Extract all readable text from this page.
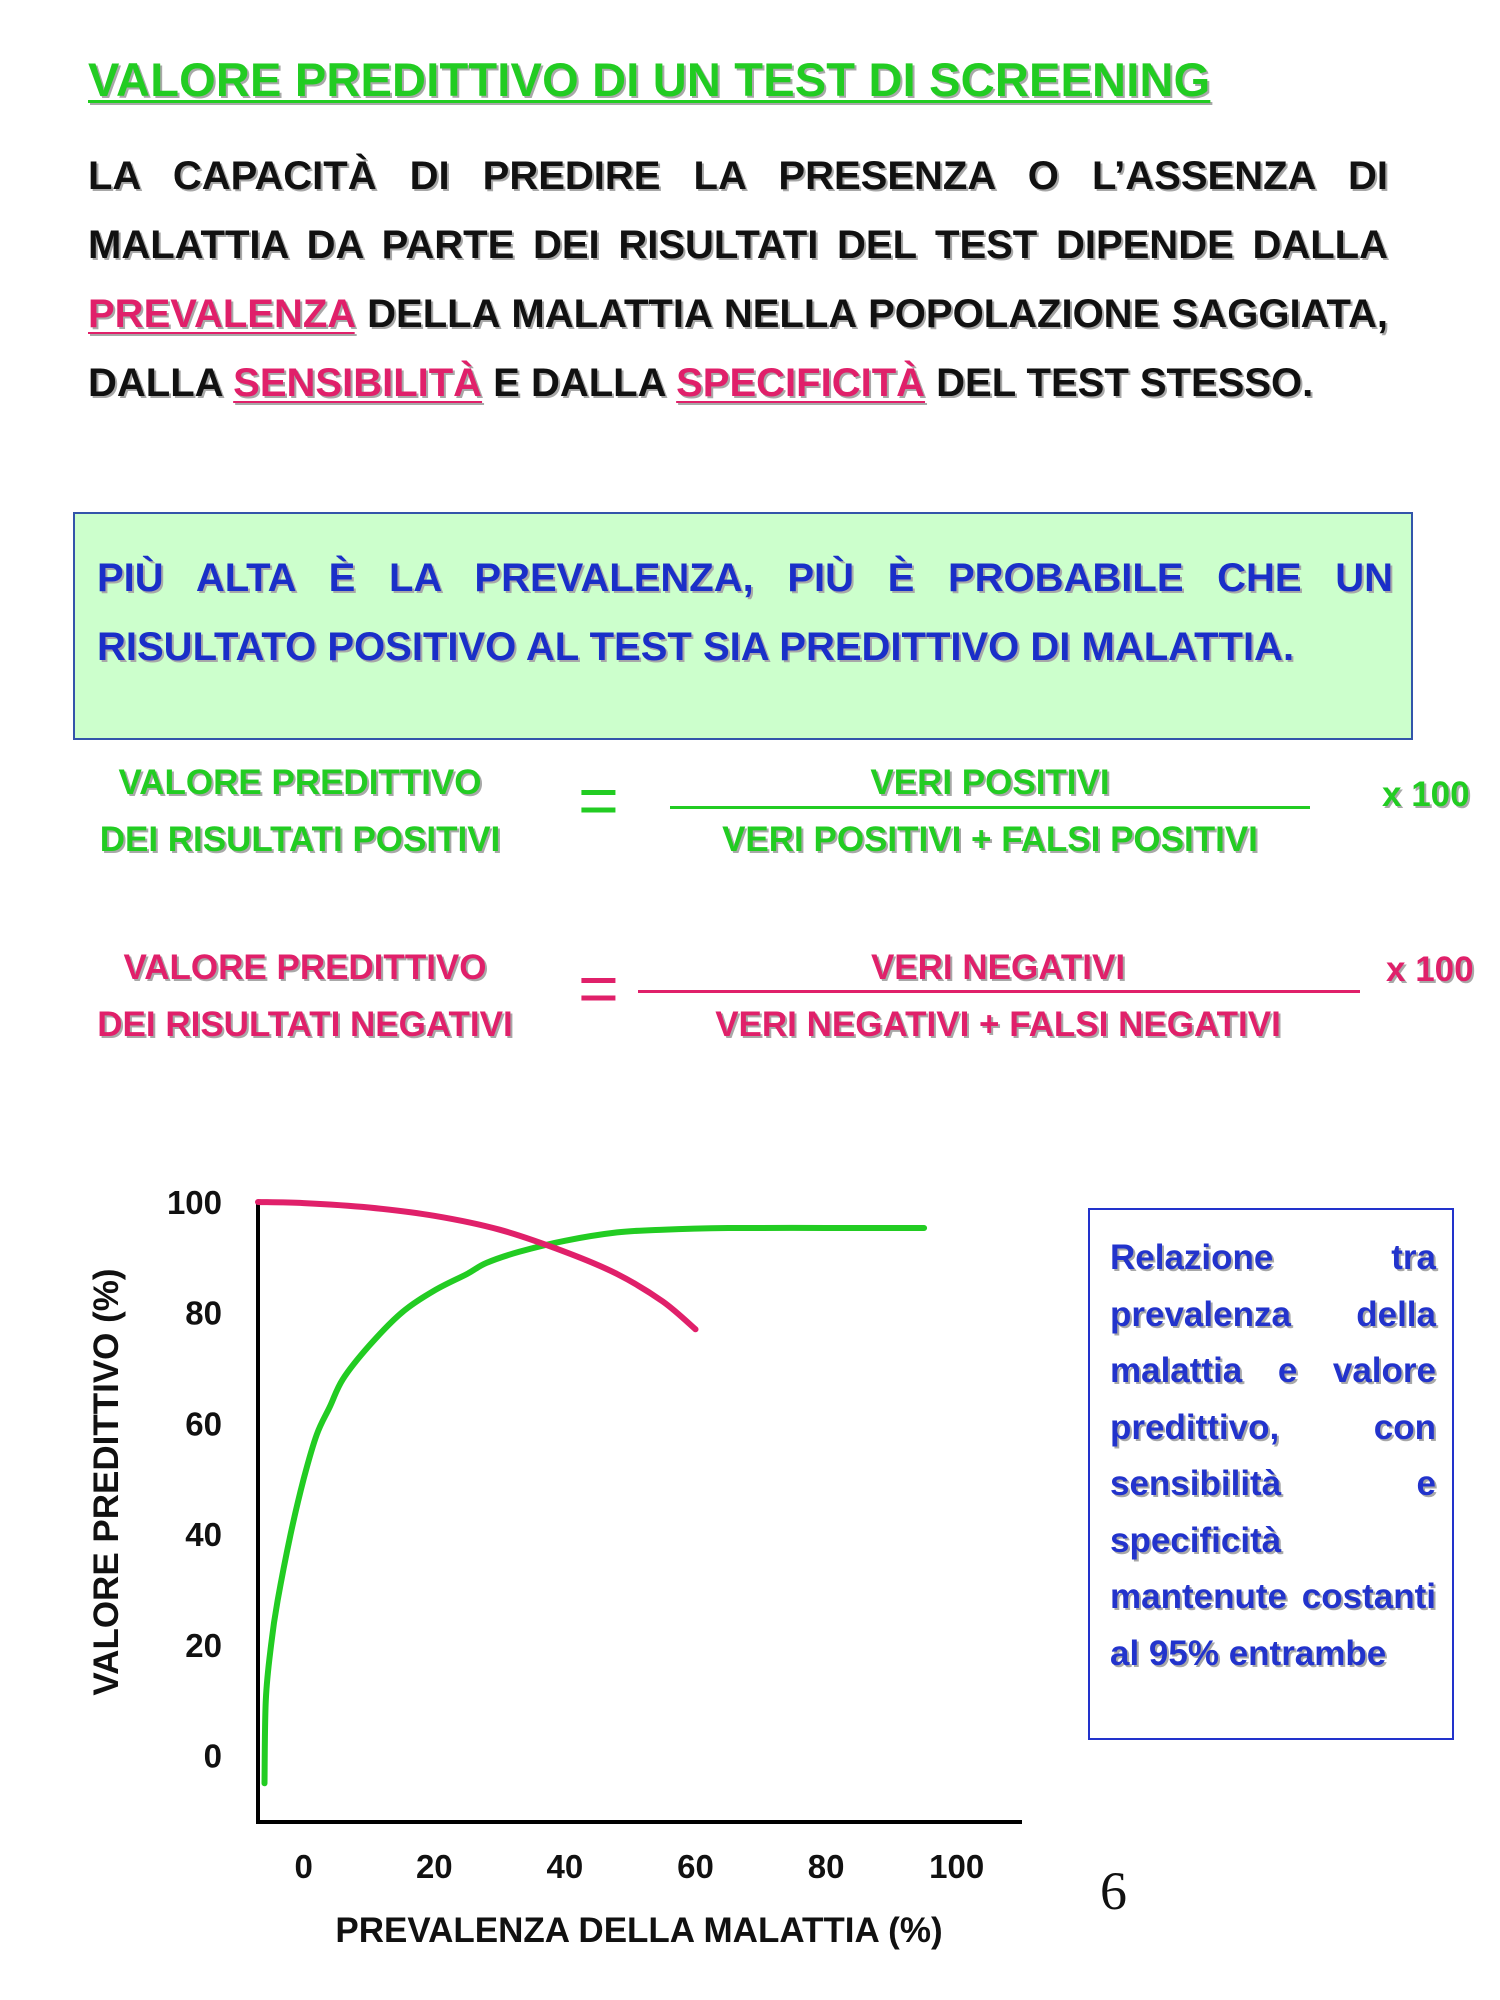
VALORE PREDITTIVO DI UN TEST DI SCREENING

LA CAPACITÀ DI PREDIRE LA PRESENZA O L’ASSENZA DI MALATTIA DA PARTE DEI RISULTATI DEL TEST DIPENDE DALLA PREVALENZA DELLA MALATTIA NELLA POPOLAZIONE SAGGIATA, DALLA SENSIBILITÀ E DALLA SPECIFICITÀ DEL TEST STESSO.

PIÙ ALTA È LA PREVALENZA, PIÙ È PROBABILE CHE UN RISULTATO POSITIVO AL TEST SIA PREDITTIVO DI MALATTIA.

VALORE PREDITTIVO
DEI RISULTATI POSITIVI
=	VERI POSITIVI
VERI POSITIVI + FALSI POSITIVI
x 100
VALORE PREDITTIVO
DEI RISULTATI NEGATIVI =	VERI NEGATIVI
VERI NEGATIVI + FALSI NEGATIVI
x 100
0
20
40
60
80
100
0	20	40	60	80	100
VALORE PREDITTIVO (%)
PREVALENZA DELLA MALATTIA (%)

Relazione tra prevalenza della malattia e valore predittivo, con sensibilità e specificità mantenute costanti al 95% entrambe

6
